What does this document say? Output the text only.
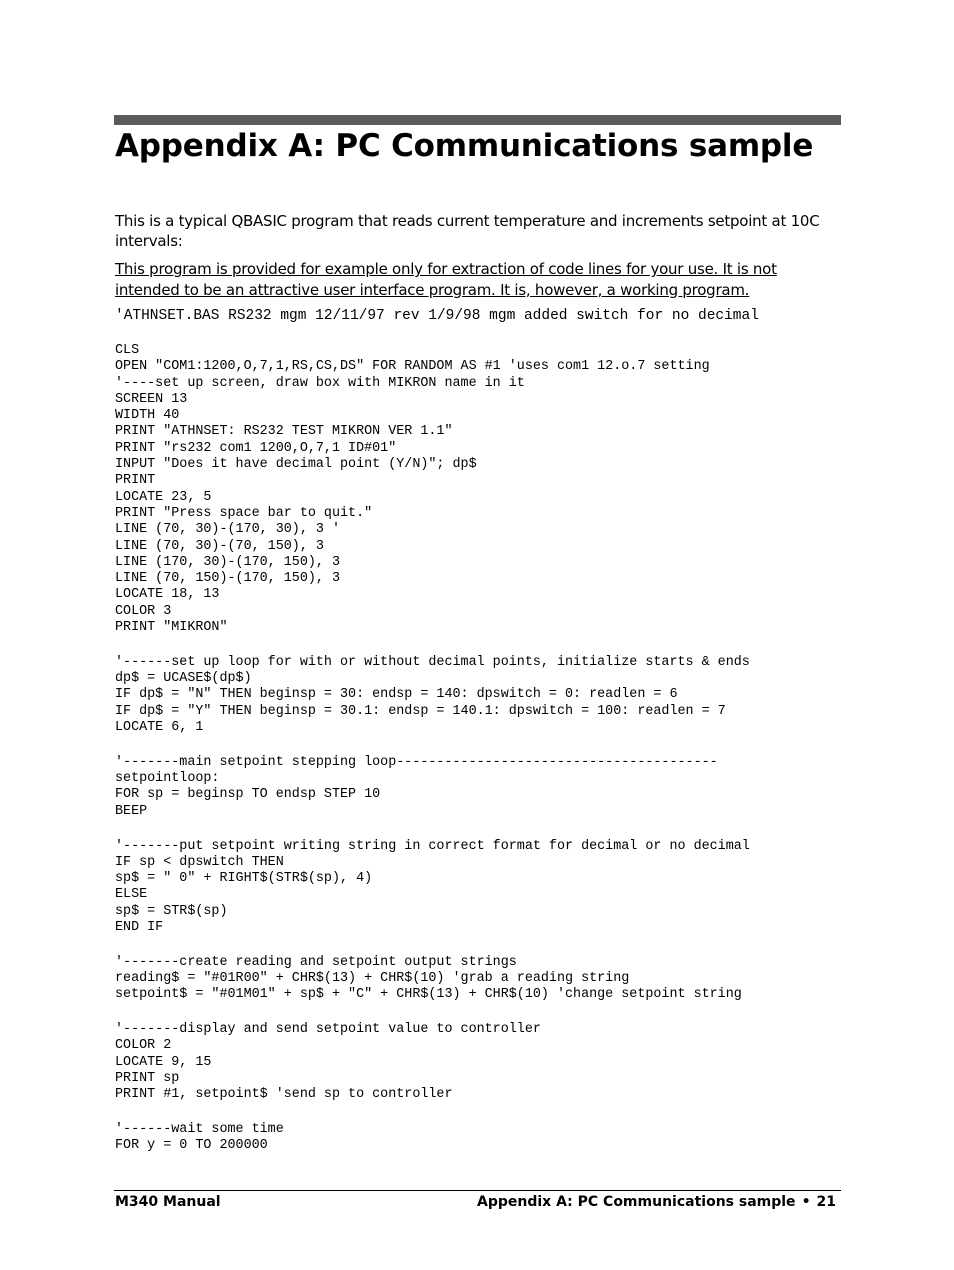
Appendix A: PC Communications sample

This is a typical QBASIC program that reads current temperature and increments setpoint at 10C intervals:

This program is provided for example only for extraction of code lines for your use. It is not intended to be an attractive user interface program. It is, however, a working program.

'ATHNSET.BAS RS232 mgm 12/11/97 rev 1/9/98 mgm added switch for no decimal
CLS
OPEN "COM1:1200,O,7,1,RS,CS,DS" FOR RANDOM AS #1 'uses com1 12.o.7 setting
'----set up screen, draw box with MIKRON name in it
SCREEN 13
WIDTH 40
PRINT "ATHNSET: RS232 TEST MIKRON VER 1.1"
PRINT "rs232 com1 1200,O,7,1 ID#01"
INPUT "Does it have decimal point (Y/N)"; dp$
PRINT
LOCATE 23, 5
PRINT "Press space bar to quit."
LINE (70, 30)-(170, 30), 3 '
LINE (70, 30)-(70, 150), 3
LINE (170, 30)-(170, 150), 3
LINE (70, 150)-(170, 150), 3
LOCATE 18, 13
COLOR 3
PRINT "MIKRON"
'------set up loop for with or without decimal points, initialize starts & ends
dp$ = UCASE$(dp$)
IF dp$ = "N" THEN beginsp = 30: endsp = 140: dpswitch = 0: readlen = 6
IF dp$ = "Y" THEN beginsp = 30.1: endsp = 140.1: dpswitch = 100: readlen = 7
LOCATE 6, 1
'-------main setpoint stepping loop----------------------------------------
setpointloop:
FOR sp = beginsp TO endsp STEP 10
BEEP
'-------put setpoint writing string in correct format for decimal or no decimal
IF sp < dpswitch THEN
sp$ = " 0" + RIGHT$(STR$(sp), 4)
ELSE
sp$ = STR$(sp)
END IF
'-------create reading and setpoint output strings
reading$ = "#01R00" + CHR$(13) + CHR$(10) 'grab a reading string
setpoint$ = "#01M01" + sp$ + "C" + CHR$(13) + CHR$(10) 'change setpoint string
'-------display and send setpoint value to controller
COLOR 2
LOCATE 9, 15
PRINT sp
PRINT #1, setpoint$ 'send sp to controller
'------wait some time
FOR y = 0 TO 200000
M340 Manual	Appendix A: PC Communications sample • 21
